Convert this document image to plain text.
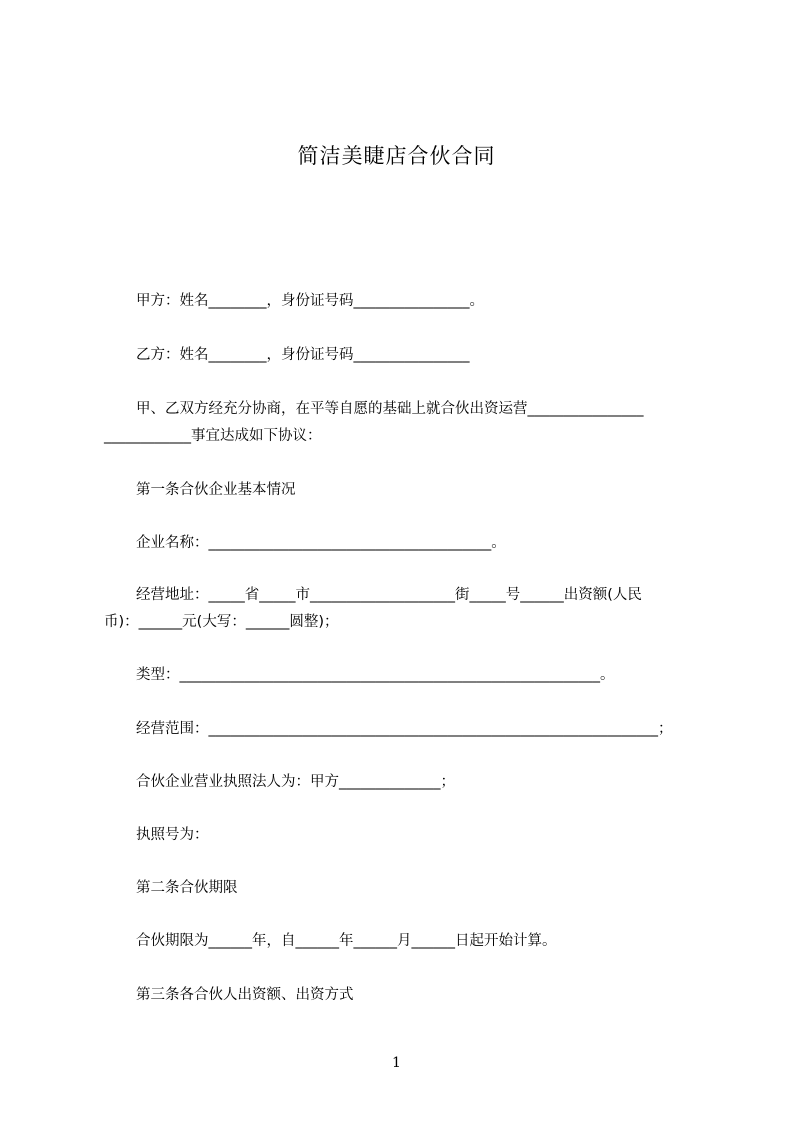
简洁美睫店合伙合同
甲方：姓名________，身份证号码________________。
乙方：姓名________，身份证号码________________
甲、乙双方经充分协商，在平等自愿的基础上就合伙出资运营________________
____________事宜达成如下协议：
第一条合伙企业基本情况
企业名称：_______________________________________。
经营地址：_____省_____市____________________街_____号______出资额(人民
币)：______元(大写：______圆整)；
类型：__________________________________________________________。
经营范围：______________________________________________________________；
合伙企业营业执照法人为：甲方______________；
执照号为：
第二条合伙期限
合伙期限为______年，自______年______月______日起开始计算。
第三条各合伙人出资额、出资方式
1
